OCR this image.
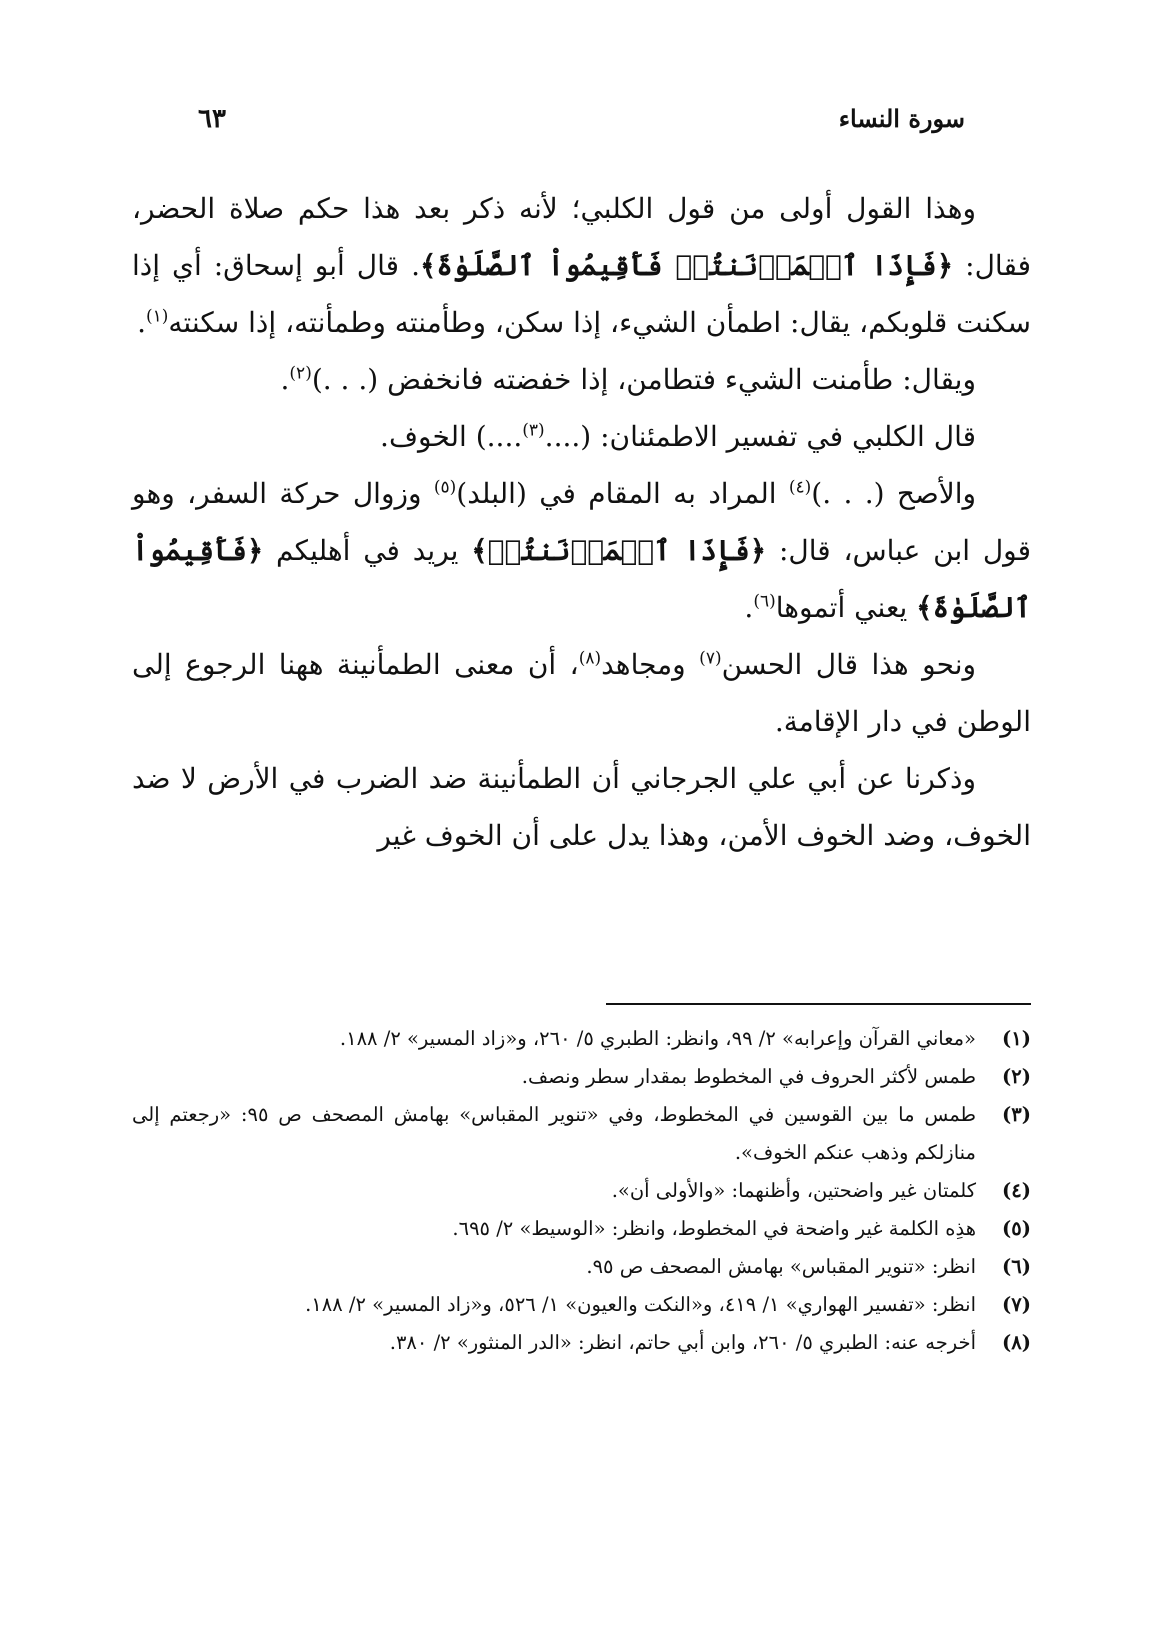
سورة النساء
٦٣

وهذا القول أولى من قول الكلبي؛ لأنه ذكر بعد هذا حكم صلاة الحضر، فقال: ﴿فَإِذَا ٱطۡمَأۡنَنتُمۡ فَأَقِيمُواْ ٱلصَّلَوٰةَ﴾. قال أبو إسحاق: أي إذا سكنت قلوبكم، يقال: اطمأن الشيء، إذا سكن، وطأمنته وطمأنته، إذا سكنته$^{(١)}$.

ويقال: طأمنت الشيء فتطامن، إذا خفضته فانخفض (. . .)$^{(٢)}$.

قال الكلبي في تفسير الاطمئنان: (....$^{(٣)}$....) الخوف.

والأصح (. . .)$^{(٤)}$ المراد به المقام في (البلد)$^{(٥)}$ وزوال حركة السفر، وهو قول ابن عباس، قال: ﴿فَإِذَا ٱطۡمَأۡنَنتُمۡ﴾ يريد في أهليكم ﴿فَأَقِيمُواْ ٱلصَّلَوٰةَ﴾ يعني أتموها$^{(٦)}$.

ونحو هذا قال الحسن$^{(٧)}$ ومجاهد$^{(٨)}$، أن معنى الطمأنينة ههنا الرجوع إلى الوطن في دار الإقامة.

وذكرنا عن أبي علي الجرجاني أن الطمأنينة ضد الضرب في الأرض لا ضد الخوف، وضد الخوف الأمن، وهذا يدل على أن الخوف غير

(١)
«معاني القرآن وإعرابه» ٢/ ٩٩، وانظر: الطبري ٥/ ٢٦٠، و«زاد المسير» ٢/ ١٨٨.
(٢)
طمس لأكثر الحروف في المخطوط بمقدار سطر ونصف.
(٣)
طمس ما بين القوسين في المخطوط، وفي «تنوير المقباس» بهامش المصحف ص ٩٥: «رجعتم إلى منازلكم وذهب عنكم الخوف».
(٤)
كلمتان غير واضحتين، وأظنهما: «والأولى أن».
(٥)
هذِه الكلمة غير واضحة في المخطوط، وانظر: «الوسيط» ٢/ ٦٩٥.
(٦)
انظر: «تنوير المقباس» بهامش المصحف ص ٩٥.
(٧)
انظر: «تفسير الهواري» ١/ ٤١٩، و«النكت والعيون» ١/ ٥٢٦، و«زاد المسير» ٢/ ١٨٨.
(٨)
أخرجه عنه: الطبري ٥/ ٢٦٠، وابن أبي حاتم، انظر: «الدر المنثور» ٢/ ٣٨٠.
